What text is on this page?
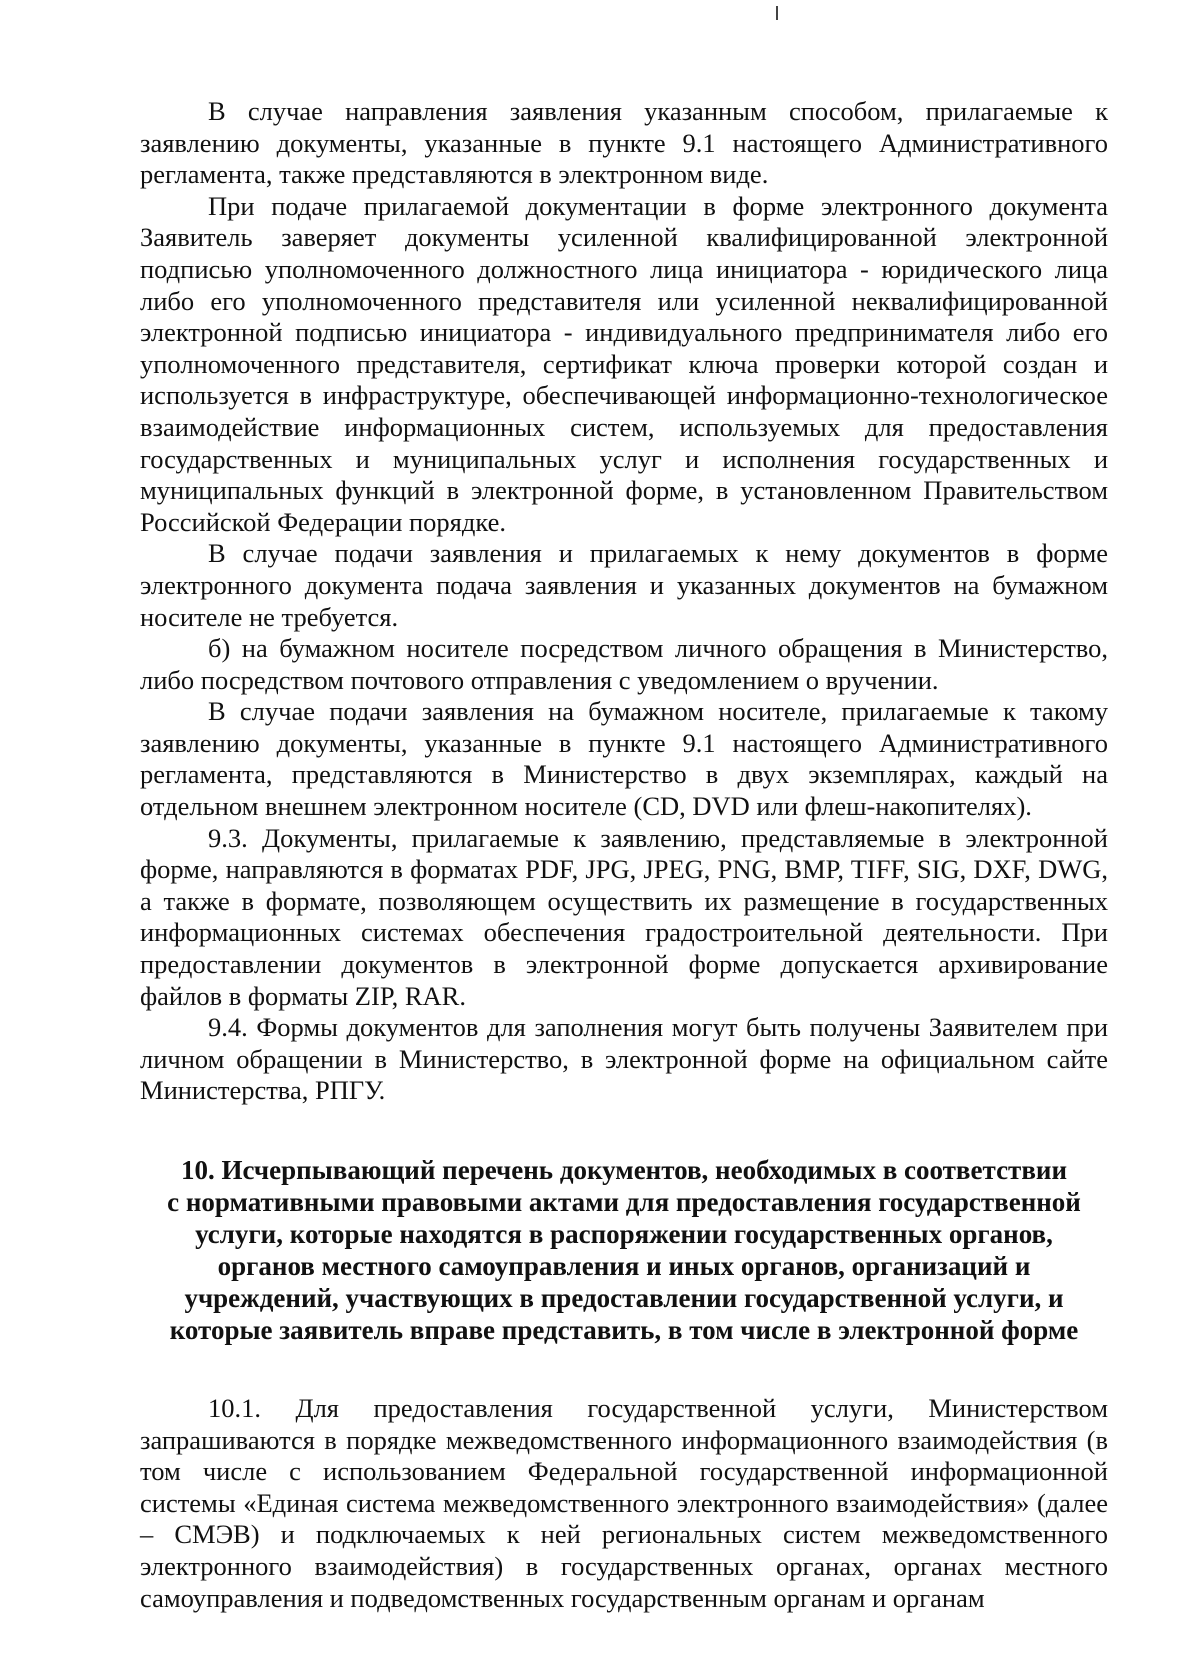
В случае направления заявления указанным способом, прилагаемые к заявлению документы, указанные в пункте 9.1 настоящего Административного регламента, также представляются в электронном виде.

При подаче прилагаемой документации в форме электронного документа Заявитель заверяет документы усиленной квалифицированной электронной подписью уполномоченного должностного лица инициатора - юридического лица либо его уполномоченного представителя или усиленной неквалифицированной электронной подписью инициатора - индивидуального предпринимателя либо его уполномоченного представителя, сертификат ключа проверки которой создан и используется в инфраструктуре, обеспечивающей информационно-технологическое взаимодействие информационных систем, используемых для предоставления государственных и муниципальных услуг и исполнения государственных и муниципальных функций в электронной форме, в установленном Правительством Российской Федерации порядке.

В случае подачи заявления и прилагаемых к нему документов в форме электронного документа подача заявления и указанных документов на бумажном носителе не требуется.

б) на бумажном носителе посредством личного обращения в Министерство, либо посредством почтового отправления с уведомлением о вручении.

В случае подачи заявления на бумажном носителе, прилагаемые к такому заявлению документы, указанные в пункте 9.1 настоящего Административного регламента, представляются в Министерство в двух экземплярах, каждый на отдельном внешнем электронном носителе (CD, DVD или флеш-накопителях).

9.3. Документы, прилагаемые к заявлению, представляемые в электронной форме, направляются в форматах PDF, JPG, JPEG, PNG, BMP, TIFF, SIG, DXF, DWG, а также в формате, позволяющем осуществить их размещение в государственных информационных системах обеспечения градостроительной деятельности. При предоставлении документов в электронной форме допускается архивирование файлов в форматы ZIP, RAR.

9.4. Формы документов для заполнения могут быть получены Заявителем при личном обращении в Министерство, в электронной форме на официальном сайте Министерства, РПГУ.

10. Исчерпывающий перечень документов, необходимых в соответствии
с нормативными правовыми актами для предоставления государственной
услуги, которые находятся в распоряжении государственных органов,
органов местного самоуправления и иных органов, организаций и
учреждений, участвующих в предоставлении государственной услуги, и
которые заявитель вправе представить, в том числе в электронной форме

10.1. Для предоставления государственной услуги, Министерством запрашиваются в порядке межведомственного информационного взаимодействия (в том числе с использованием Федеральной государственной информационной системы «Единая система межведомственного электронного взаимодействия» (далее – СМЭВ) и подключаемых к ней региональных систем межведомственного электронного взаимодействия) в государственных органах, органах местного самоуправления и подведомственных государственным органам и органам
